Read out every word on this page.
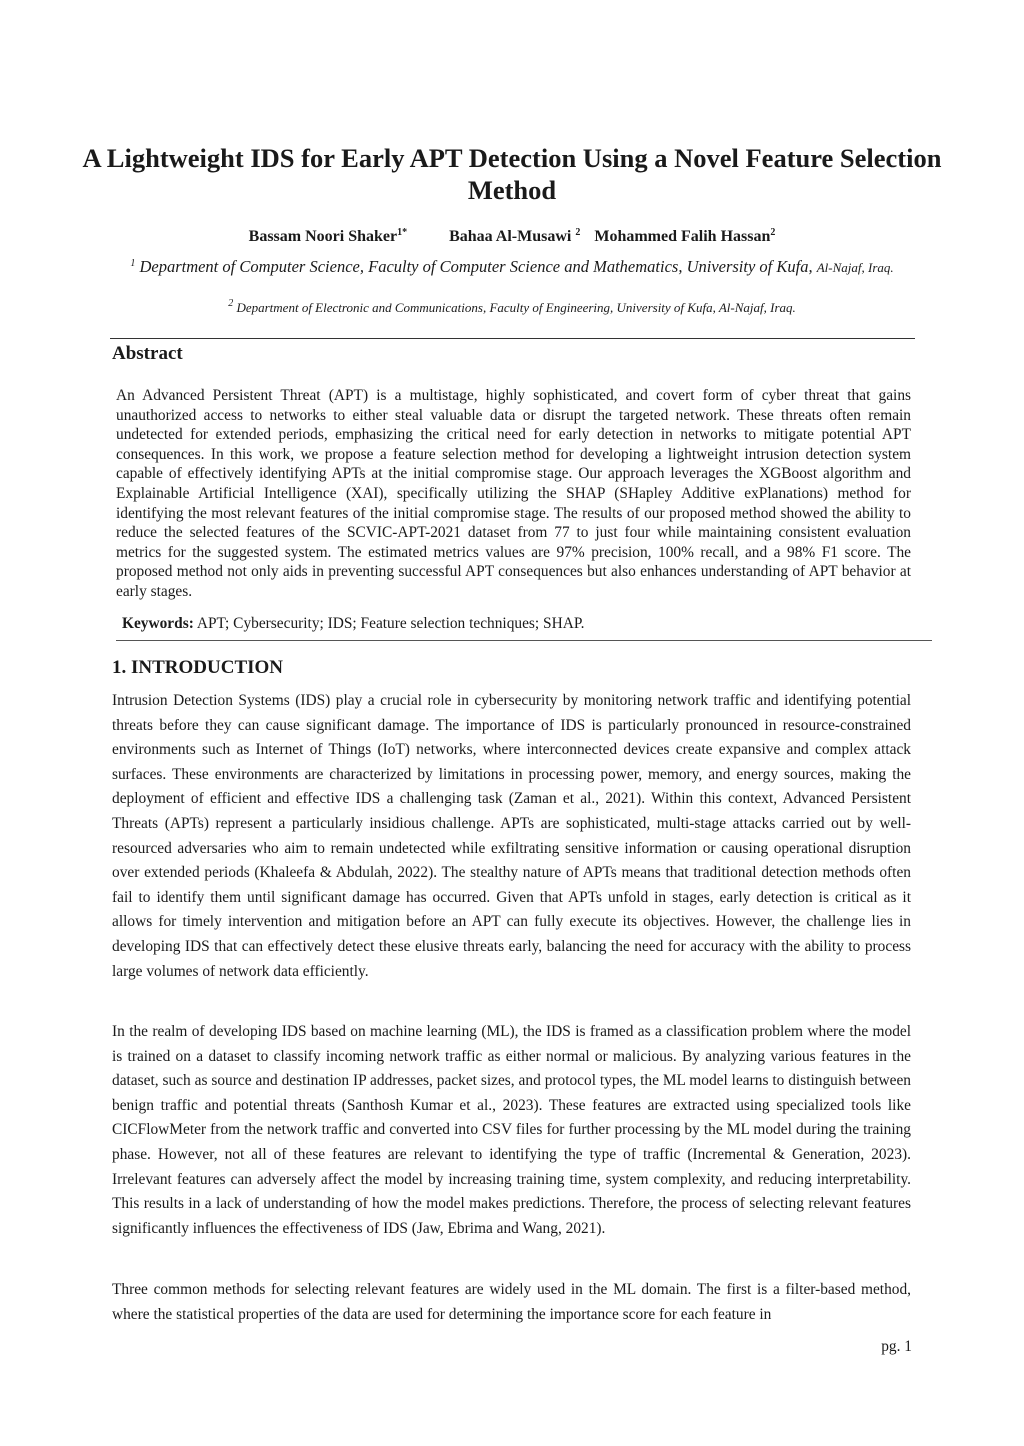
A Lightweight IDS for Early APT Detection Using a Novel Feature Selection Method
Bassam Noori Shaker$^{1*}$	Bahaa Al-Musawi $^2$ Mohammed Falih Hassan$^2$
$^1$ Department of Computer Science, Faculty of Computer Science and Mathematics, University of Kufa, Al-Najaf, Iraq.
$^2$ Department of Electronic and Communications, Faculty of Engineering, University of Kufa, Al-Najaf, Iraq.
Abstract
An Advanced Persistent Threat (APT) is a multistage, highly sophisticated, and covert form of cyber threat that gains unauthorized access to networks to either steal valuable data or disrupt the targeted network. These threats often remain undetected for extended periods, emphasizing the critical need for early detection in networks to mitigate potential APT consequences. In this work, we propose a feature selection method for developing a lightweight intrusion detection system capable of effectively identifying APTs at the initial compromise stage. Our approach leverages the XGBoost algorithm and Explainable Artificial Intelligence (XAI), specifically utilizing the SHAP (SHapley Additive exPlanations) method for identifying the most relevant features of the initial compromise stage. The results of our proposed method showed the ability to reduce the selected features of the SCVIC-APT-2021 dataset from 77 to just four while maintaining consistent evaluation metrics for the suggested system. The estimated metrics values are 97% precision, 100% recall, and a 98% F1 score. The proposed method not only aids in preventing successful APT consequences but also enhances understanding of APT behavior at early stages.
Keywords: APT; Cybersecurity; IDS; Feature selection techniques; SHAP.
1. INTRODUCTION

Intrusion Detection Systems (IDS) play a crucial role in cybersecurity by monitoring network traffic and identifying potential threats before they can cause significant damage. The importance of IDS is particularly pronounced in resource-constrained environments such as Internet of Things (IoT) networks, where interconnected devices create expansive and complex attack surfaces. These environments are characterized by limitations in processing power, memory, and energy sources, making the deployment of efficient and effective IDS a challenging task (Zaman et al., 2021). Within this context, Advanced Persistent Threats (APTs) represent a particularly insidious challenge. APTs are sophisticated, multi-stage attacks carried out by well-resourced adversaries who aim to remain undetected while exfiltrating sensitive information or causing operational disruption over extended periods (Khaleefa & Abdulah, 2022). The stealthy nature of APTs means that traditional detection methods often fail to identify them until significant damage has occurred. Given that APTs unfold in stages, early detection is critical as it allows for timely intervention and mitigation before an APT can fully execute its objectives. However, the challenge lies in developing IDS that can effectively detect these elusive threats early, balancing the need for accuracy with the ability to process large volumes of network data efficiently.

In the realm of developing IDS based on machine learning (ML), the IDS is framed as a classification problem where the model is trained on a dataset to classify incoming network traffic as either normal or malicious. By analyzing various features in the dataset, such as source and destination IP addresses, packet sizes, and protocol types, the ML model learns to distinguish between benign traffic and potential threats (Santhosh Kumar et al., 2023). These features are extracted using specialized tools like CICFlowMeter from the network traffic and converted into CSV files for further processing by the ML model during the training phase. However, not all of these features are relevant to identifying the type of traffic (Incremental & Generation, 2023). Irrelevant features can adversely affect the model by increasing training time, system complexity, and reducing interpretability. This results in a lack of understanding of how the model makes predictions. Therefore, the process of selecting relevant features significantly influences the effectiveness of IDS (Jaw, Ebrima and Wang, 2021).

Three common methods for selecting relevant features are widely used in the ML domain. The first is a filter-based method, where the statistical properties of the data are used for determining the importance score for each feature in

pg. 1
